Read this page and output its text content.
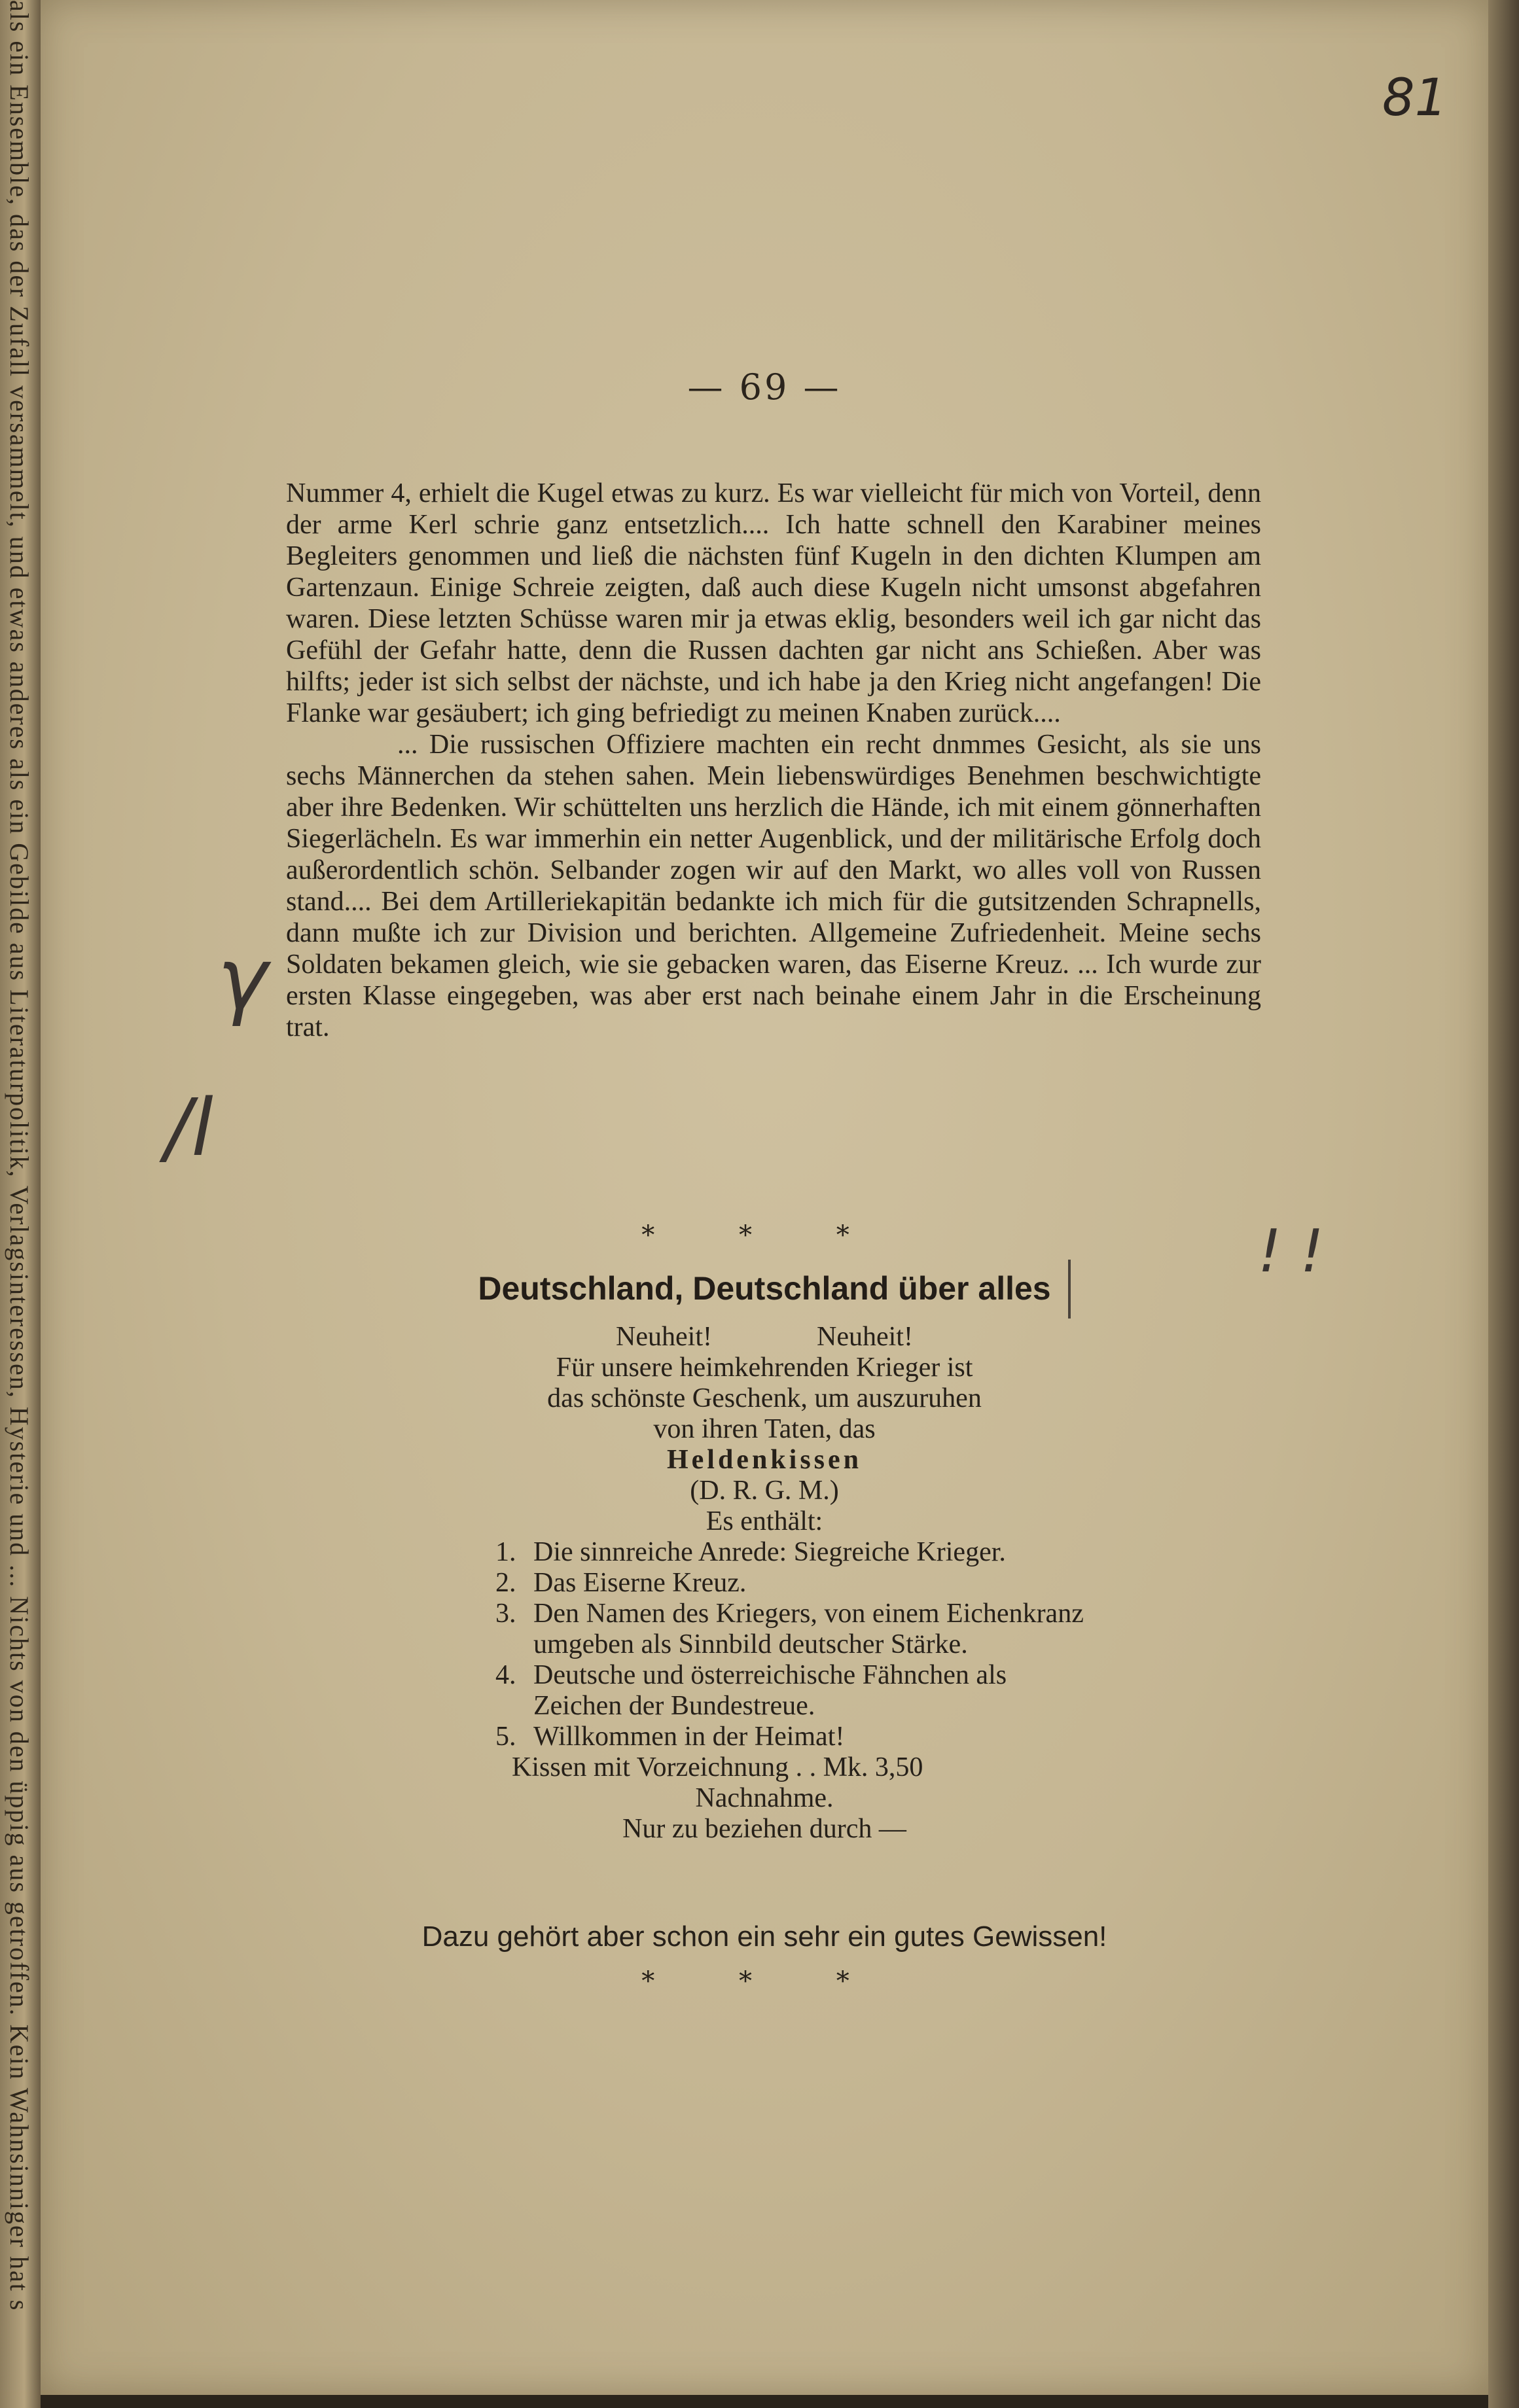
als ein Ensemble, das der Zufall versammelt, und etwas anderes als ein Gebilde aus Literaturpolitik, Verlagsinteressen, Hysterie und ... Nichts von den üppig aus getroffen. Kein Wahnsinniger hat s	81
— 69 —

Nummer 4, erhielt die Kugel etwas zu kurz. Es war vielleicht für mich von Vorteil, denn der arme Kerl schrie ganz entsetzlich.... Ich hatte schnell den Karabiner meines Begleiters genommen und ließ die nächsten fünf Kugeln in den dichten Klumpen am Gartenzaun. Einige Schreie zeigten, daß auch diese Kugeln nicht umsonst abgefahren waren. Diese letzten Schüsse waren mir ja etwas eklig, besonders weil ich gar nicht das Gefühl der Gefahr hatte, denn die Russen dachten gar nicht ans Schießen. Aber was hilfts; jeder ist sich selbst der nächste, und ich habe ja den Krieg nicht angefangen! Die Flanke war gesäubert; ich ging befriedigt zu meinen Knaben zurück....

... Die russischen Offiziere machten ein recht dnmmes Gesicht, als sie uns sechs Männerchen da stehen sahen. Mein liebenswürdiges Benehmen beschwichtigte aber ihre Bedenken. Wir schüttelten uns herzlich die Hände, ich mit einem gönnerhaften Siegerlächeln. Es war immerhin ein netter Augenblick, und der militärische Erfolg doch außerordentlich schön. Selbander zogen wir auf den Markt, wo alles voll von Russen stand.... Bei dem Artilleriekapitän bedankte ich mich für die gutsitzenden Schrapnells, dann mußte ich zur Division und berichten. Allgemeine Zufriedenheit. Meine sechs Soldaten bekamen gleich, wie sie gebacken waren, das Eiserne Kreuz. ... Ich wurde zur ersten Klasse eingegeben, was aber erst nach beinahe einem Jahr in die Erscheinung trat.

* * *
Deutschland, Deutschland über alles
Neuheit!	Neuheit!
Für unsere heimkehrenden Krieger ist
das schönste Geschenk, um auszuruhen
von ihren Taten, das
Heldenkissen
(D. R. G. M.)
Es enthält:
1. Die sinnreiche Anrede: Siegreiche Krieger.
2. Das Eiserne Kreuz.
3. Den Namen des Kriegers, von einem Eichenkranz umgeben als Sinnbild deutscher Stärke.
4. Deutsche und österreichische Fähnchen als Zeichen der Bundestreue.
5. Willkommen in der Heimat!
Kissen mit Vorzeichnung . . Mk. 3,50
Nachnahme.
Nur zu beziehen durch —
Dazu gehört aber schon ein sehr ein gutes Gewissen!
* * *
γ
/l
! !
